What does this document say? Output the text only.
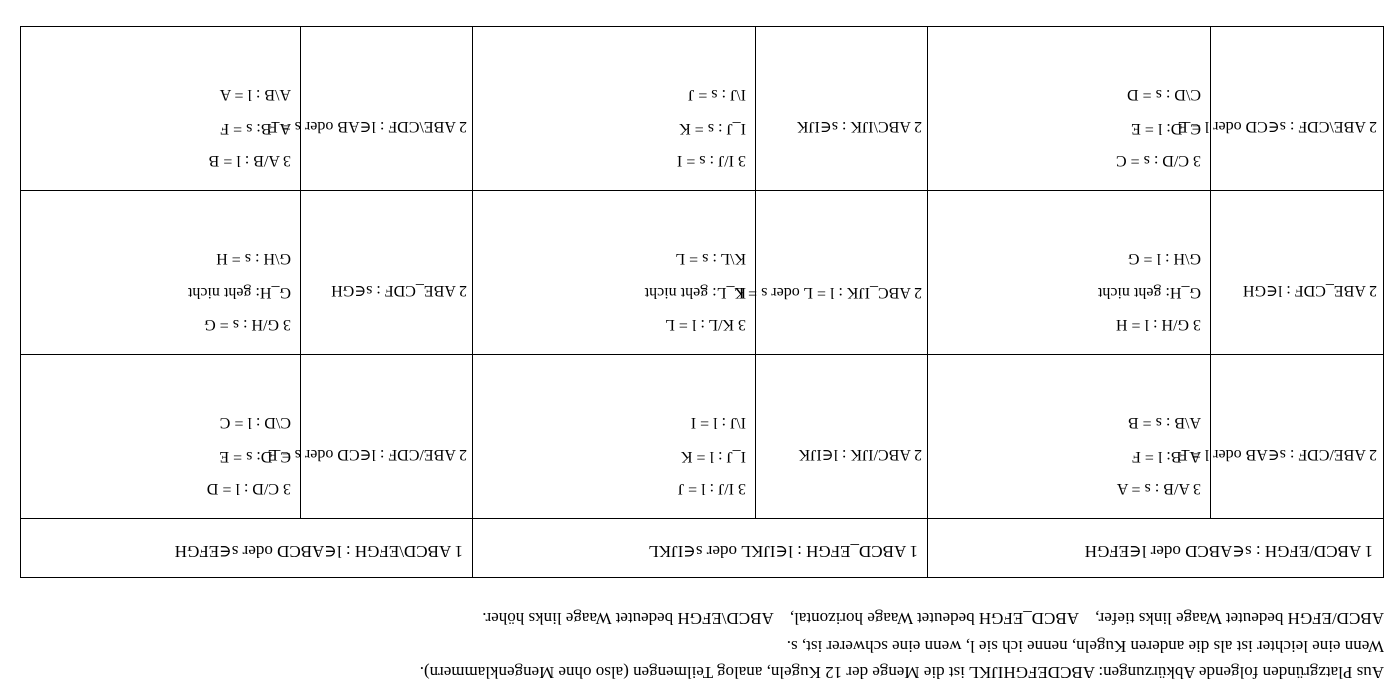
Aus Platzgründen folgende Abkürzungen: ABCDEFGHIJKL ist die Menge der 12 Kugeln, analog Teilmengen (also ohne Mengenklammern).
Wenn eine leichter ist als die anderen Kugeln, nenne ich sie l, wenn eine schwerer ist, s.
ABCD/EFGH bedeutet Waage links tiefer,    ABCD_EFGH bedeutet Waage horizontal,    ABCD\EFGH bedeutet Waage links höher.
1 ABCD/EFGH : s∈ABCD oder l∈EFGH
1 ABCD_EFGH : l∈IJKL oder s∈IJKL
1 ABCD\EFGH : l∈ABCD oder s∈EFGH
2 ABE/CDF : s∈AB oder l = F
3 A/B : s = A
A_B: l = F
A\B : s = B
2 ABE_CDF : l∈GH
3 G/H : l = H
G_H: geht nicht
G\H : l = G
2 ABE\CDF : s∈CD oder l = E
3 C/D : s = C
C_D: l = E
C\D : s = D
2 ABC/IJK : l∈IJK
3 I/J : l = J
I_J : l = K
I\J : l = I
2 ABC_IJK : l = L oder s = L
3 K/L : l = L
K_L: geht nicht
K\L : s = L
2 ABC\IJK : s∈IJK
3 I/J : s = I
I_J : s = K
I\J : s = J
2 ABE/CDF : l∈CD oder s = E
3 C/D : l = D
C_D: s = E
C\D : l = C
2 ABE_CDF : s∈GH
3 G/H : s = G
G_H: geht nicht
G\H : s = H
2 ABE\CDF : l∈AB oder s = F
3 A/B : l = B
A_B: s = F
A\B : l = A
